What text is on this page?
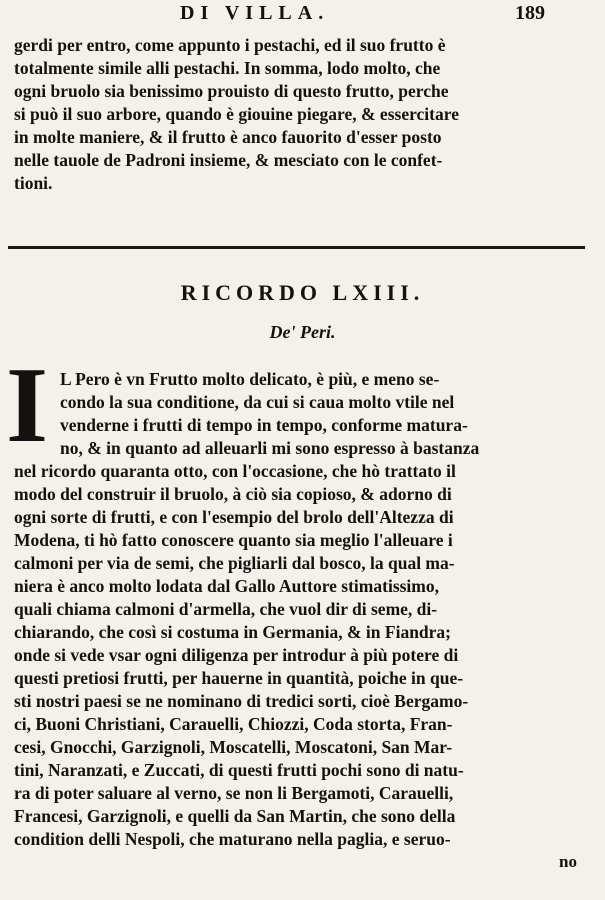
DI VILLA.	189
gerdi per entro, come appunto i pestachi, ed il suo frutto è
totalmente simile alli pestachi. In somma, lodo molto, che
ogni bruolo sia benissimo prouisto di questo frutto, perche
si può il suo arbore, quando è giouine piegare, & essercitare
in molte maniere, & il frutto è anco fauorito d'esser posto
nelle tauole de Padroni insieme, & mesciato con le confet-
tioni.
RICORDO LXIII.
De' Peri.
I L Pero è vn Frutto molto delicato, è più, e meno se-
condo la sua conditione, da cui si caua molto vtile nel
venderne i frutti di tempo in tempo, conforme matura-
no, & in quanto ad alleuarli mi sono espresso à bastanza
nel ricordo quaranta otto, con l'occasione, che hò trattato il
modo del construir il bruolo, à ciò sia copioso, & adorno di
ogni sorte di frutti, e con l'esempio del brolo dell'Altezza di
Modena, ti hò fatto conoscere quanto sia meglio l'alleuare i
calmoni per via de semi, che pigliarli dal bosco, la qual ma-
niera è anco molto lodata dal Gallo Auttore stimatissimo,
quali chiama calmoni d'armella, che vuol dir di seme, di-
chiarando, che così si costuma in Germania, & in Fiandra;
onde si vede vsar ogni diligenza per introdur à più potere di
questi pretiosi frutti, per hauerne in quantità, poiche in que-
sti nostri paesi se ne nominano di tredici sorti, cioè Bergamo-
ci, Buoni Christiani, Carauelli, Chiozzi, Coda storta, Fran-
cesi, Gnocchi, Garzignoli, Moscatelli, Moscatoni, San Mar-
tini, Naranzati, e Zuccati, di questi frutti pochi sono di natu-
ra di poter saluare al verno, se non li Bergamoti, Carauelli,
Francesi, Garzignoli, e quelli da San Martin, che sono della
condition delli Nespoli, che maturano nella paglia, e seruo-
no
